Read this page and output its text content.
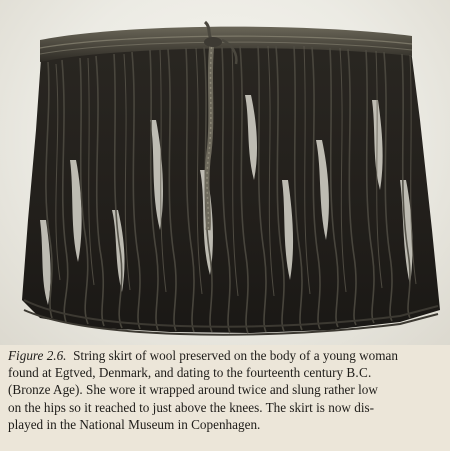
Figure 2.6. String skirt of wool preserved on the body of a young woman
found at Egtved, Denmark, and dating to the fourteenth century B.C.
(Bronze Age). She wore it wrapped around twice and slung rather low
on the hips so it reached to just above the knees. The skirt is now dis-
played in the National Museum in Copenhagen.
